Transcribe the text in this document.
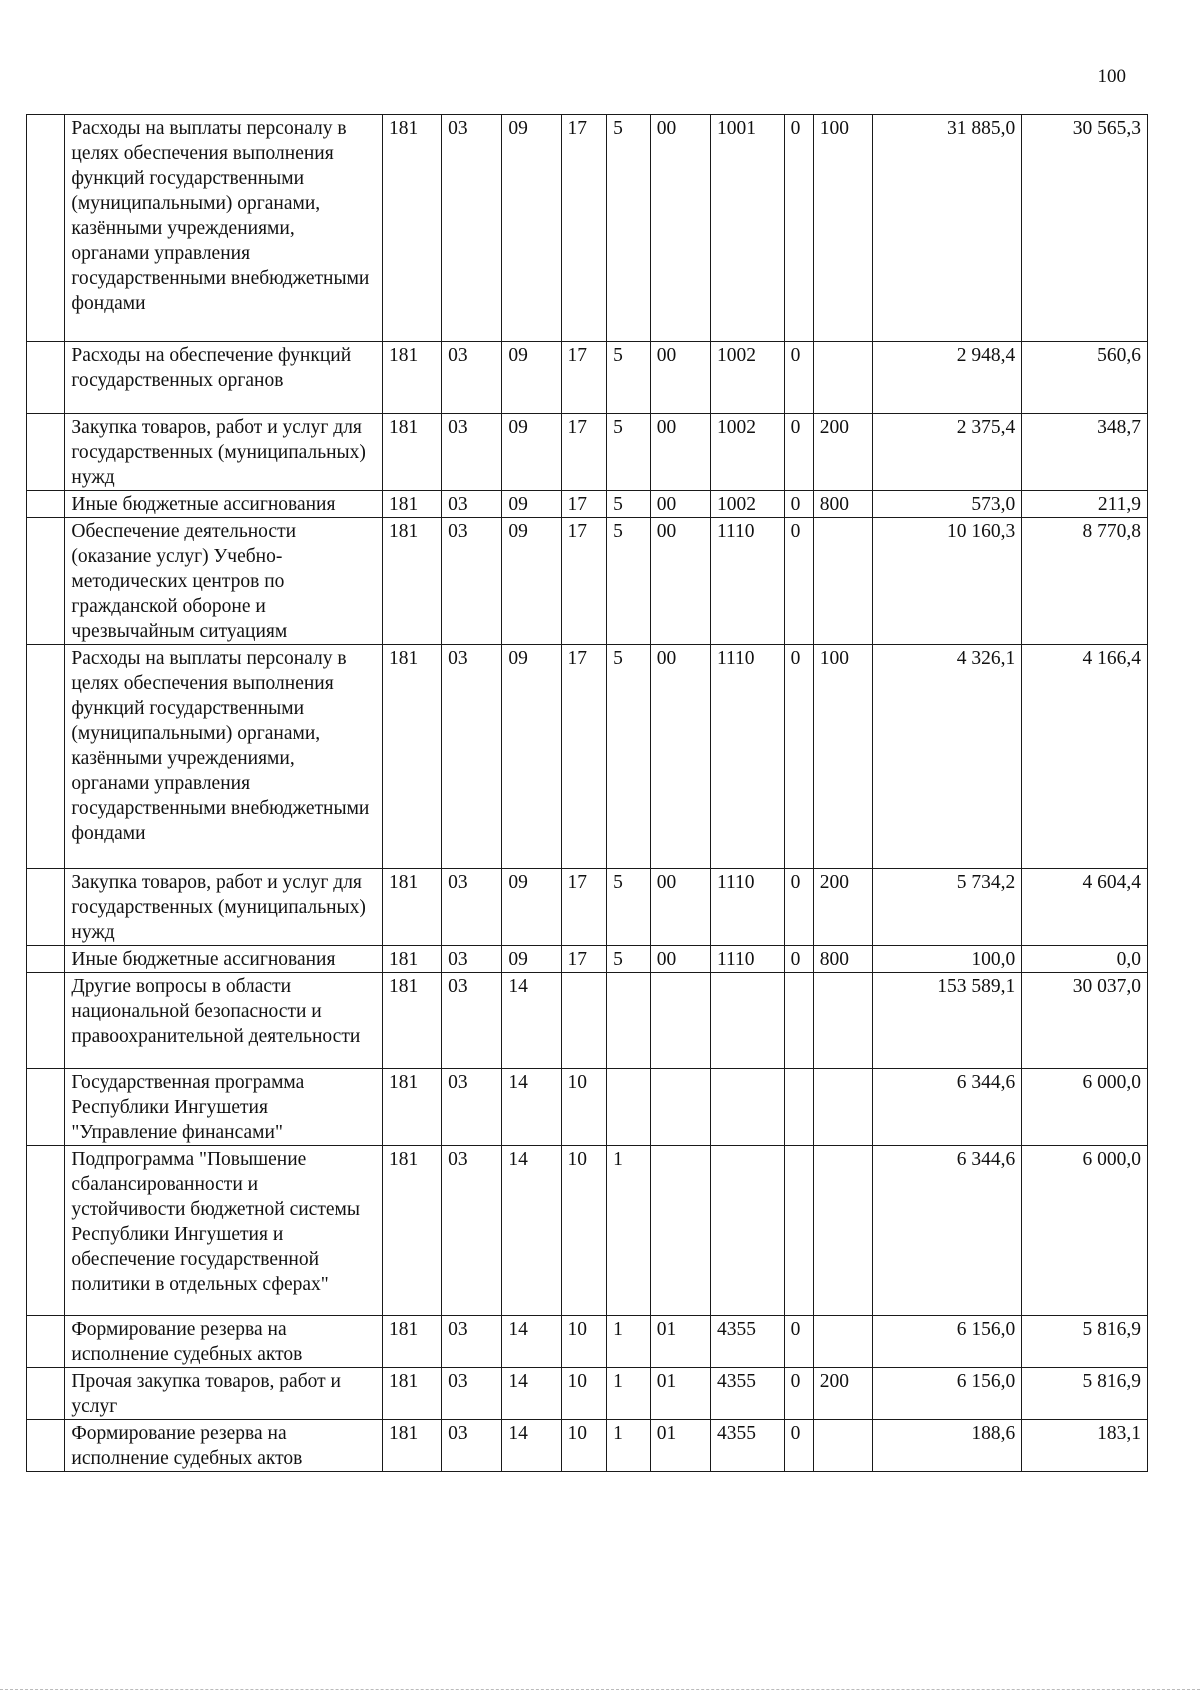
100
	Расходы на выплаты персоналу в целях обеспечения выполнения функций государственными (муниципальными) органами, казёнными учреждениями, органами управления государственными внебюджетными фондами	181	03	09	17	5	00	1001	0	100	31 885,0	30 565,3
	Расходы на обеспечение функций государственных органов	181	03	09	17	5	00	1002	0		2 948,4	560,6
	Закупка товаров, работ и услуг для государственных (муниципальных) нужд	181	03	09	17	5	00	1002	0	200	2 375,4	348,7
	Иные бюджетные ассигнования	181	03	09	17	5	00	1002	0	800	573,0	211,9
	Обеспечение деятельности (оказание услуг) Учебно-методических центров по гражданской обороне и чрезвычайным ситуациям	181	03	09	17	5	00	1110	0		10 160,3	8 770,8
	Расходы на выплаты персоналу в целях обеспечения выполнения функций государственными (муниципальными) органами, казёнными учреждениями, органами управления государственными внебюджетными фондами	181	03	09	17	5	00	1110	0	100	4 326,1	4 166,4
	Закупка товаров, работ и услуг для государственных (муниципальных) нужд	181	03	09	17	5	00	1110	0	200	5 734,2	4 604,4
	Иные бюджетные ассигнования	181	03	09	17	5	00	1110	0	800	100,0	0,0
	Другие вопросы в области национальной безопасности и правоохранительной деятельности	181	03	14							153 589,1	30 037,0
	Государственная программа Республики Ингушетия "Управление финансами"	181	03	14	10						6 344,6	6 000,0
	Подпрограмма "Повышение сбалансированности и устойчивости бюджетной системы Республики Ингушетия и обеспечение государственной политики в отдельных сферах"	181	03	14	10	1					6 344,6	6 000,0
	Формирование резерва на исполнение судебных актов	181	03	14	10	1	01	4355	0		6 156,0	5 816,9
	Прочая закупка товаров, работ и услуг	181	03	14	10	1	01	4355	0	200	6 156,0	5 816,9
	Формирование резерва на исполнение судебных актов	181	03	14	10	1	01	4355	0		188,6	183,1
